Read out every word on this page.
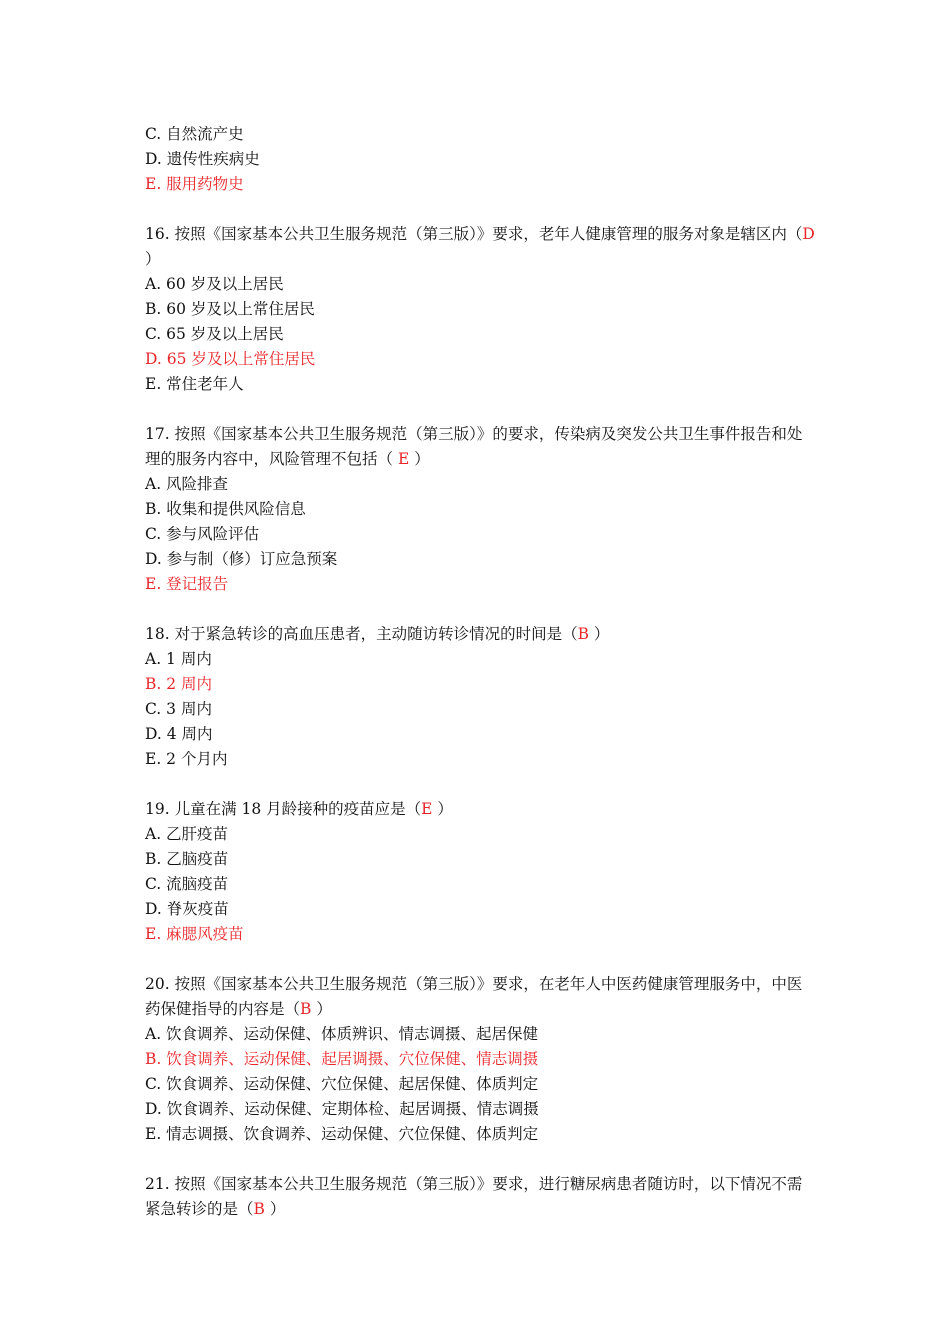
C. 自然流产史
D. 遗传性疾病史
E. 服用药物史
16. 按照《国家基本公共卫生服务规范（第三版）》要求，老年人健康管理的服务对象是辖区内（D ）
A. 60 岁及以上居民
B. 60 岁及以上常住居民
C. 65 岁及以上居民
D. 65 岁及以上常住居民
E. 常住老年人
17. 按照《国家基本公共卫生服务规范（第三版）》的要求，传染病及突发公共卫生事件报告和处理的服务内容中，风险管理不包括（ E ）
A. 风险排查
B. 收集和提供风险信息
C. 参与风险评估
D. 参与制（修）订应急预案
E. 登记报告
18. 对于紧急转诊的高血压患者，主动随访转诊情况的时间是（B ）
A. 1 周内
B. 2 周内
C. 3 周内
D. 4 周内
E. 2 个月内
19. 儿童在满 18 月龄接种的疫苗应是（E ）
A. 乙肝疫苗
B. 乙脑疫苗
C. 流脑疫苗
D. 脊灰疫苗
E. 麻腮风疫苗
20. 按照《国家基本公共卫生服务规范（第三版）》要求，在老年人中医药健康管理服务中，中医药保健指导的内容是（B ）
A. 饮食调养、运动保健、体质辨识、情志调摄、起居保健
B. 饮食调养、运动保健、起居调摄、穴位保健、情志调摄
C. 饮食调养、运动保健、穴位保健、起居保健、体质判定
D. 饮食调养、运动保健、定期体检、起居调摄、情志调摄
E. 情志调摄、饮食调养、运动保健、穴位保健、体质判定
21. 按照《国家基本公共卫生服务规范（第三版）》要求，进行糖尿病患者随访时，以下情况不需紧急转诊的是（B ）
